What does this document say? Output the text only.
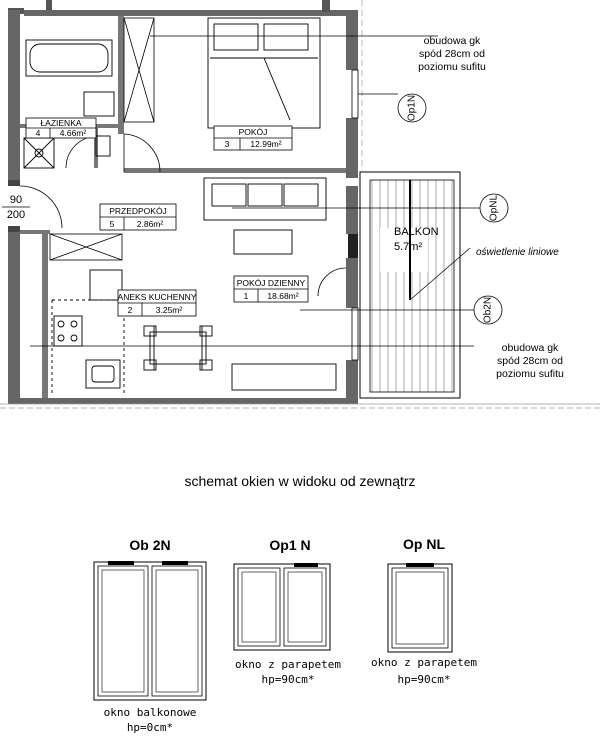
ŁAZIENKA
4 4.66m²	POKÓJ
3 12.99m²
PRZEDPOKÓJ
5	2.86m²
ANEKS KUCHENNY
2	3.25m²
POKÓJ DZIENNY
1 18.68m²
BALKON
5.7m²
90
200
obudowa gk
spód 28cm od
poziomu sufitu
obudowa gk
spód 28cm od
poziomu sufitu
oświetlenie liniowe
Op1N
OpNL
Ob2N
schemat okien w widoku od zewnątrz
Ob 2N
okno balkonowe
hp=0cm*
Op1 N
okno z parapetem
hp=90cm*
Op NL
okno z parapetem
hp=90cm*
